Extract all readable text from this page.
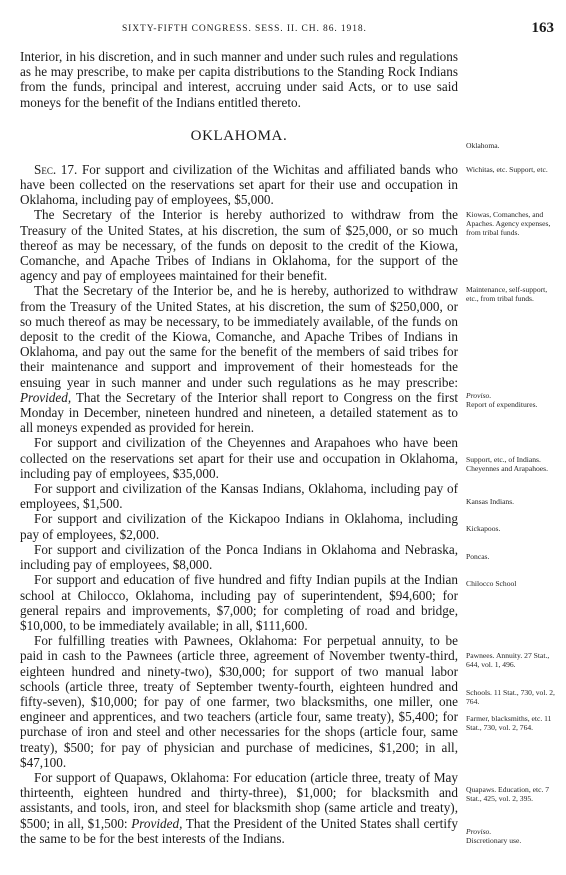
SIXTY-FIFTH CONGRESS. SESS. II. CH. 86. 1918.	163

Interior, in his discretion, and in such manner and under such rules and regulations as he may prescribe, to make per capita distributions to the Standing Rock Indians from the funds, principal and interest, accruing under said Acts, or to use said moneys for the benefit of the Indians entitled thereto.

OKLAHOMA.

Sec. 17. For support and civilization of the Wichitas and affiliated bands who have been collected on the reservations set apart for their use and occupation in Oklahoma, including pay of employees, $5,000.

The Secretary of the Interior is hereby authorized to withdraw from the Treasury of the United States, at his discretion, the sum of $25,000, or so much thereof as may be necessary, of the funds on deposit to the credit of the Kiowa, Comanche, and Apache Tribes of Indians in Oklahoma, for the support of the agency and pay of employees maintained for their benefit.

That the Secretary of the Interior be, and he is hereby, authorized to withdraw from the Treasury of the United States, at his discretion, the sum of $250,000, or so much thereof as may be necessary, to be immediately available, of the funds on deposit to the credit of the Kiowa, Comanche, and Apache Tribes of Indians in Oklahoma, and pay out the same for the benefit of the members of said tribes for their maintenance and support and improvement of their homesteads for the ensuing year in such manner and under such regulations as he may prescribe: Provided, That the Secretary of the Interior shall report to Congress on the first Monday in December, nineteen hundred and nineteen, a detailed statement as to all moneys expended as provided for herein.

For support and civilization of the Cheyennes and Arapahoes who have been collected on the reservations set apart for their use and occupation in Oklahoma, including pay of employees, $35,000.

For support and civilization of the Kansas Indians, Oklahoma, including pay of employees, $1,500.

For support and civilization of the Kickapoo Indians in Oklahoma, including pay of employees, $2,000.

For support and civilization of the Ponca Indians in Oklahoma and Nebraska, including pay of employees, $8,000.

For support and education of five hundred and fifty Indian pupils at the Indian school at Chilocco, Oklahoma, including pay of superintendent, $94,600; for general repairs and improvements, $7,000; for completing of road and bridge, $10,000, to be immediately available; in all, $111,600.

For fulfilling treaties with Pawnees, Oklahoma: For perpetual annuity, to be paid in cash to the Pawnees (article three, agreement of November twenty-third, eighteen hundred and ninety-two), $30,000; for support of two manual labor schools (article three, treaty of September twenty-fourth, eighteen hundred and fifty-seven), $10,000; for pay of one farmer, two blacksmiths, one miller, one engineer and apprentices, and two teachers (article four, same treaty), $5,400; for purchase of iron and steel and other necessaries for the shops (article four, same treaty), $500; for pay of physician and purchase of medicines, $1,200; in all, $47,100.

For support of Quapaws, Oklahoma: For education (article three, treaty of May thirteenth, eighteen hundred and thirty-three), $1,000; for blacksmith and assistants, and tools, iron, and steel for blacksmith shop (same article and treaty), $500; in all, $1,500: Provided, That the President of the United States shall certify the same to be for the best interests of the Indians.

Oklahoma.
Wichitas, etc. Support, etc.
Kiowas, Comanches, and Apaches. Agency expenses, from tribal funds.
Maintenance, self-support, etc., from tribal funds.
Proviso.
Report of expenditures.
Support, etc., of Indians. Cheyennes and Arapahoes.
Kansas Indians.
Kickapoos.
Poncas.
Chilocco School
Pawnees. Annuity. 27 Stat., 644, vol. 1, 496.
Schools. 11 Stat., 730, vol. 2, 764.
Farmer, blacksmiths, etc. 11 Stat., 730, vol. 2, 764.
Quapaws. Education, etc. 7 Stat., 425, vol. 2, 395.
Proviso.
Discretionary use.
